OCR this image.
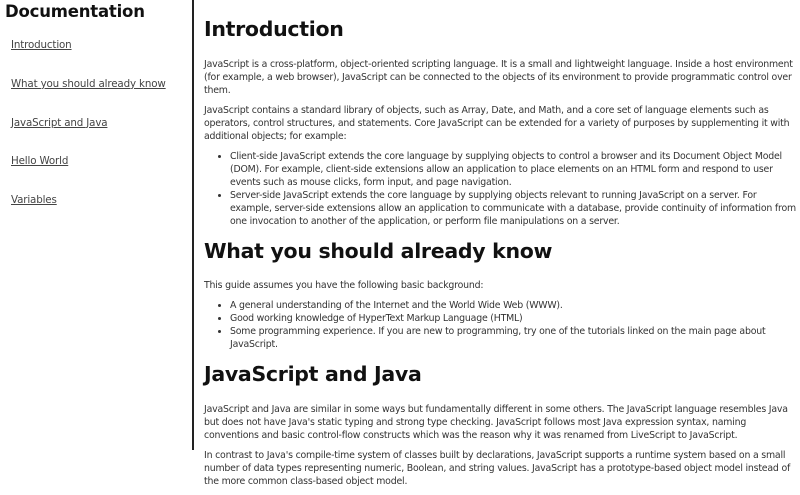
Documentation
Introduction
What you should already know
JavaScript and Java
Hello World
Variables
Introduction

JavaScript is a cross-platform, object-oriented scripting language. It is a small and lightweight language. Inside a host environment (for example, a web browser), JavaScript can be connected to the objects of its environment to provide programmatic control over them.

JavaScript contains a standard library of objects, such as Array, Date, and Math, and a core set of language elements such as operators, control structures, and statements. Core JavaScript can be extended for a variety of purposes by supplementing it with additional objects; for example:

• Client-side JavaScript extends the core language by supplying objects to control a browser and its Document Object Model (DOM). For example, client-side extensions allow an application to place elements on an HTML form and respond to user events such as mouse clicks, form input, and page navigation.
• Server-side JavaScript extends the core language by supplying objects relevant to running JavaScript on a server. For example, server-side extensions allow an application to communicate with a database, provide continuity of information from one invocation to another of the application, or perform file manipulations on a server.
What you should already know

This guide assumes you have the following basic background:

• A general understanding of the Internet and the World Wide Web (WWW).
• Good working knowledge of HyperText Markup Language (HTML)
• Some programming experience. If you are new to programming, try one of the tutorials linked on the main page about JavaScript.
JavaScript and Java

JavaScript and Java are similar in some ways but fundamentally different in some others. The JavaScript language resembles Java but does not have Java's static typing and strong type checking. JavaScript follows most Java expression syntax, naming conventions and basic control-flow constructs which was the reason why it was renamed from LiveScript to JavaScript.

In contrast to Java's compile-time system of classes built by declarations, JavaScript supports a runtime system based on a small number of data types representing numeric, Boolean, and string values. JavaScript has a prototype-based object model instead of the more common class-based object model.
